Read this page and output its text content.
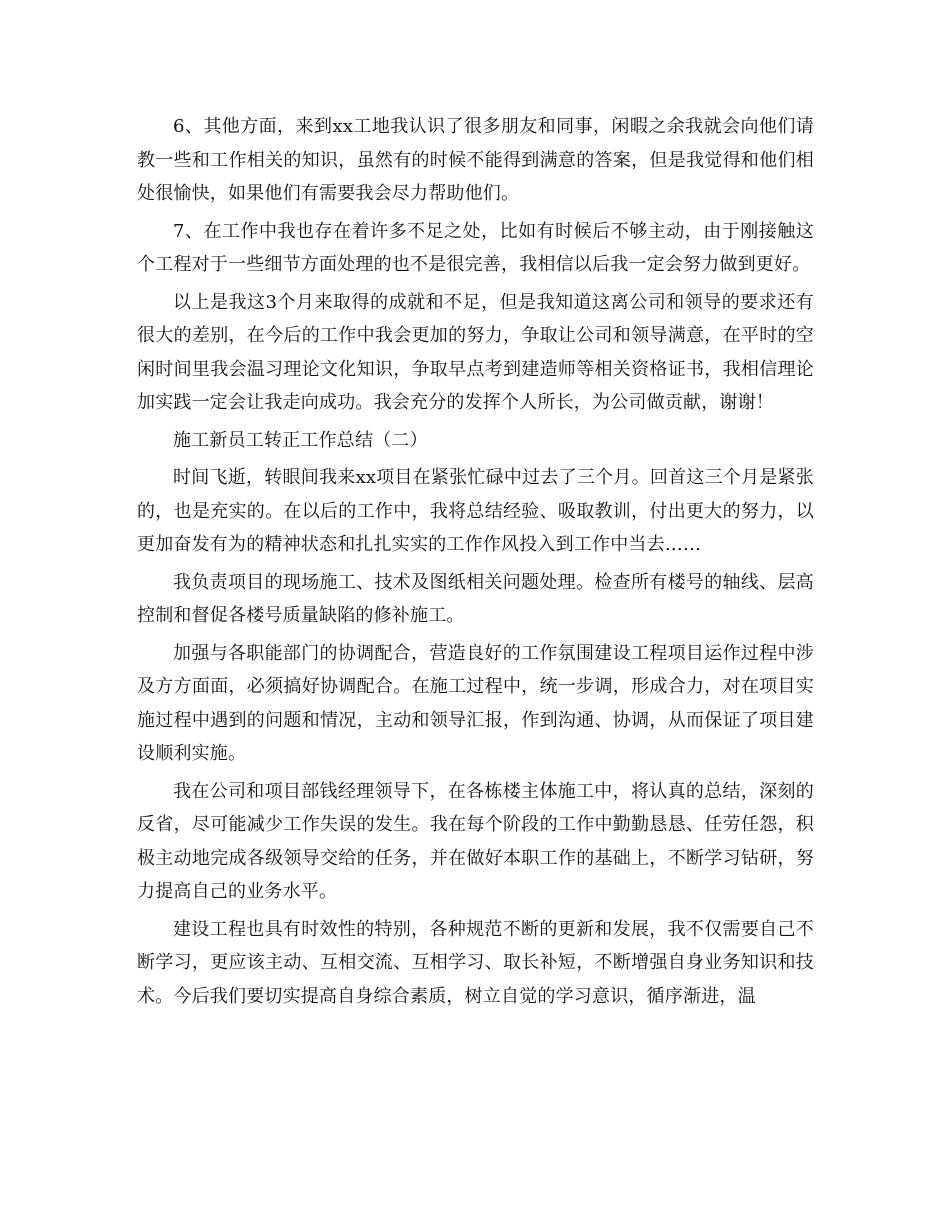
6、其他方面，来到xx工地我认识了很多朋友和同事，闲暇之余我就会向他们请教一些和工作相关的知识，虽然有的时候不能得到满意的答案，但是我觉得和他们相处很愉快，如果他们有需要我会尽力帮助他们。

7、在工作中我也存在着许多不足之处，比如有时候后不够主动，由于刚接触这个工程对于一些细节方面处理的也不是很完善，我相信以后我一定会努力做到更好。

以上是我这3个月来取得的成就和不足，但是我知道这离公司和领导的要求还有很大的差别，在今后的工作中我会更加的努力，争取让公司和领导满意，在平时的空闲时间里我会温习理论文化知识，争取早点考到建造师等相关资格证书，我相信理论加实践一定会让我走向成功。我会充分的发挥个人所长，为公司做贡献，谢谢！

施工新员工转正工作总结（二）

时间飞逝，转眼间我来xx项目在紧张忙碌中过去了三个月。回首这三个月是紧张的，也是充实的。在以后的工作中，我将总结经验、吸取教训，付出更大的努力，以更加奋发有为的精神状态和扎扎实实的工作作风投入到工作中当去……

我负责项目的现场施工、技术及图纸相关问题处理。检查所有楼号的轴线、层高控制和督促各楼号质量缺陷的修补施工。

加强与各职能部门的协调配合，营造良好的工作氛围建设工程项目运作过程中涉及方方面面，必须搞好协调配合。在施工过程中，统一步调，形成合力，对在项目实施过程中遇到的问题和情况，主动和领导汇报，作到沟通、协调，从而保证了项目建设顺利实施。

我在公司和项目部钱经理领导下，在各栋楼主体施工中，将认真的总结，深刻的反省，尽可能减少工作失误的发生。我在每个阶段的工作中勤勤恳恳、任劳任怨，积极主动地完成各级领导交给的任务，并在做好本职工作的基础上，不断学习钻研，努力提高自己的业务水平。

建设工程也具有时效性的特别，各种规范不断的更新和发展，我不仅需要自己不断学习，更应该主动、互相交流、互相学习、取长补短，不断增强自身业务知识和技术。今后我们要切实提高自身综合素质，树立自觉的学习意识，循序渐进，温
